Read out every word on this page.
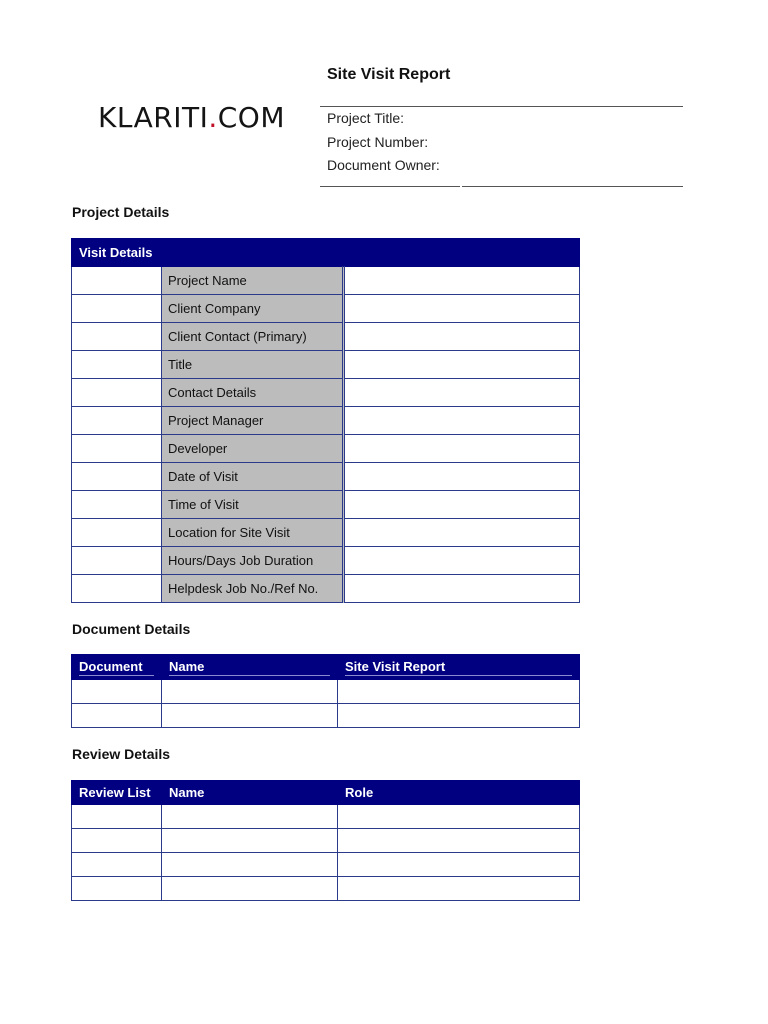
KLARITI.COM
Site Visit Report
Project Title:
Project Number:
Document Owner:
Project Details
Visit Details		
	Project Name	
	Client Company	
	Client Contact (Primary)	
	Title	
	Contact Details	
	Project Manager	
	Developer	
	Date of Visit	
	Time of Visit	
	Location for Site Visit	
	Hours/Days Job Duration	
	Helpdesk Job No./Ref No.	
Document Details
Document	Name	Site Visit Report

Review Details
Review List	Name	Role
